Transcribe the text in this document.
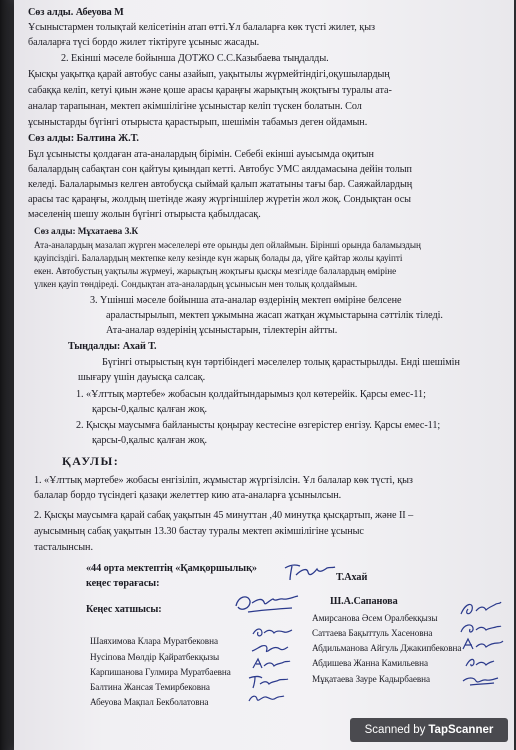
Сөз алды. Абеуова М
Ұсыныстармен толықтай келісетінін атап өтті.Ұл балаларға көк түсті жилет, қыз
балаларға түсі бордо жилет тіктіруге ұсыныс жасады.
2. Екінші мәселе бойынша ДОТЖО С.С.Казыбаева тыңдалды.
Қысқы уақытқа қарай автобус саны азайып, уақытылы жүрмейтіндігі,оқушылардың
сабаққа келіп, кетуі қиын және қоше арасы қараңғы жарықтың жоқтығы туралы ата-
аналар тарапынан, мектеп әкімшілігіне ұсыныстар келіп түскен болатын. Сол
ұсыныстарды бүгінгі отырыста қарастырып, шешімін табамыз деген ойдамын.
Сөз алды: Балтина Ж.Т.
Бұл ұсынысты қолдаған ата-аналардың бірімін. Себебі екінші ауысымда оқитын
балалардың сабақтан сон қайтуы қиындап кетті. Автобус УМС аялдамасына дейін толып
келеді. Балаларымыз келген автобусқа сыймай қалып жататыны тағы бар. Саяжайлардың
арасы тас қараңғы, жолдың шетінде жаяу жүргіншілер жүретін жол жоқ. Сондықтан осы
мәселенің шешу жолын бүгінгі отырыста қабылдасақ.
Сөз алды: Мұхатаева З.К
Ата-аналардың мазалап жүрген мәселелері өте орынды деп ойлаймын. Бірінші орында баламыздың
қауіпсіздігі. Балалардың мектепке келу кезінде күн жарық болады да, үйге қайтар жолы қауіпті
екен. Автобустың уақтылы жүрмеуі, жарықтың жоқтығы қысқы мезгілде балалардың өміріне
үлкен қауіп төндіреді. Сондықтан ата-аналардың ұсынысын мен толық қолдаймын.
3. Үшінші мәселе бойынша ата-аналар өздерінің мектеп өміріне белсене
араластырылып, мектеп ұжымына жасап жатқан жұмыстарына сәттілік тіледі.
Ата-аналар өздерінің ұсыныстарын, тілектерін айтты.
Тыңдалды: Ахай Т.
Бүгінгі отырыстың күн тәртібіндегі мәселелер толық қарастырылды. Енді шешімін
шығару үшін дауысқа салсақ.
1. «Ұлттық мәртебе» жобасын қолдайтындарымыз қол көтерейік. Қарсы емес-11;
қарсы-0,қалыс қалған жоқ.
2. Қысқы маусымға байланысты қоңырау кестесіне өзгерістер енгізу. Қарсы емес-11;
қарсы-0,қалыс қалған жоқ.
ҚАУЛЫ:
1. «Ұлттық мәртебе» жобасы енгізіліп, жұмыстар жүргізілсін. Ұл балалар көк түсті, қыз
балалар бордо түсіндегі қазақи желеттер кию ата-аналарға ұсынылсын.
2. Қысқы маусымға қарай сабақ уақытын 45 минуттан ,40 минутқа қысқартып, және II –
ауысымның сабақ уақытын 13.30 бастау туралы мектеп әкімшілігіне ұсыныс
тасталынсын.
«44 орта мектептің «Қамқоршылық»
кеңес төрағасы:
Т.Ахай
Кеңес хатшысы:
Ш.А.Сапанова
Шаяхимова Клара Муратбековна
Нусіпова Мөлдір Қайратбекқызы
Карпишанова Гулмира Муратбаевна
Балтина Жансая Темирбековна
Абеуова Мақпал Бекболатовна
Амирсанова Әсем Оралбекқызы
Саттаева Бақыттуль Хасеновна
Абдильманова Айгуль Джакипбековна
Абдишева Жанна Камильевна
Мұқатаева Зауре Кадырбаевна
Scanned by TapScanner
